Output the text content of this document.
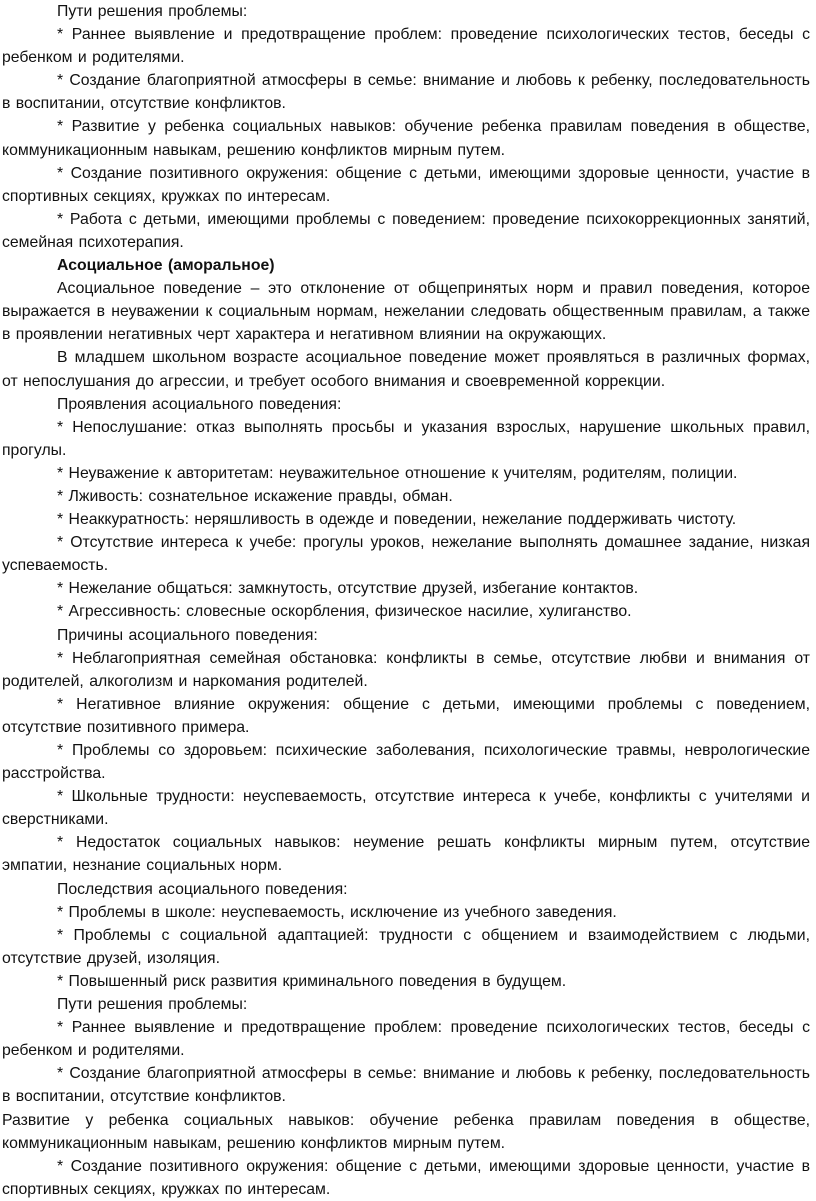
Пути решения проблемы:

* Раннее выявление и предотвращение проблем: проведение психологических тестов, беседы с ребенком и родителями.

* Создание благоприятной атмосферы в семье: внимание и любовь к ребенку, последовательность в воспитании, отсутствие конфликтов.

* Развитие у ребенка социальных навыков: обучение ребенка правилам поведения в обществе, коммуникационным навыкам, решению конфликтов мирным путем.

* Создание позитивного окружения: общение с детьми, имеющими здоровые ценности, участие в спортивных секциях, кружках по интересам.

* Работа с детьми, имеющими проблемы с поведением: проведение психокоррекционных занятий, семейная психотерапия.

Асоциальное (аморальное)

Асоциальное поведение – это отклонение от общепринятых норм и правил поведения, которое выражается в неуважении к социальным нормам, нежелании следовать общественным правилам, а также в проявлении негативных черт характера и негативном влиянии на окружающих.

В младшем школьном возрасте асоциальное поведение может проявляться в различных формах, от непослушания до агрессии, и требует особого внимания и своевременной коррекции.

Проявления асоциального поведения:

* Непослушание: отказ выполнять просьбы и указания взрослых, нарушение школьных правил, прогулы.

* Неуважение к авторитетам: неуважительное отношение к учителям, родителям, полиции.

* Лживость: сознательное искажение правды, обман.

* Неаккуратность: неряшливость в одежде и поведении, нежелание поддерживать чистоту.

* Отсутствие интереса к учебе: прогулы уроков, нежелание выполнять домашнее задание, низкая успеваемость.

* Нежелание общаться: замкнутость, отсутствие друзей, избегание контактов.

* Агрессивность: словесные оскорбления, физическое насилие, хулиганство.

Причины асоциального поведения:

* Неблагоприятная семейная обстановка: конфликты в семье, отсутствие любви и внимания от родителей, алкоголизм и наркомания родителей.

* Негативное влияние окружения: общение с детьми, имеющими проблемы с поведением, отсутствие позитивного примера.

* Проблемы со здоровьем: психические заболевания, психологические травмы, неврологические расстройства.

* Школьные трудности: неуспеваемость, отсутствие интереса к учебе, конфликты с учителями и сверстниками.

* Недостаток социальных навыков: неумение решать конфликты мирным путем, отсутствие эмпатии, незнание социальных норм.

Последствия асоциального поведения:

* Проблемы в школе: неуспеваемость, исключение из учебного заведения.

* Проблемы с социальной адаптацией: трудности с общением и взаимодействием с людьми, отсутствие друзей, изоляция.

* Повышенный риск развития криминального поведения в будущем.

Пути решения проблемы:

* Раннее выявление и предотвращение проблем: проведение психологических тестов, беседы с ребенком и родителями.

* Создание благоприятной атмосферы в семье: внимание и любовь к ребенку, последовательность в воспитании, отсутствие конфликтов.

Развитие у ребенка социальных навыков: обучение ребенка правилам поведения в обществе, коммуникационным навыкам, решению конфликтов мирным путем.

* Создание позитивного окружения: общение с детьми, имеющими здоровые ценности, участие в спортивных секциях, кружках по интересам.
